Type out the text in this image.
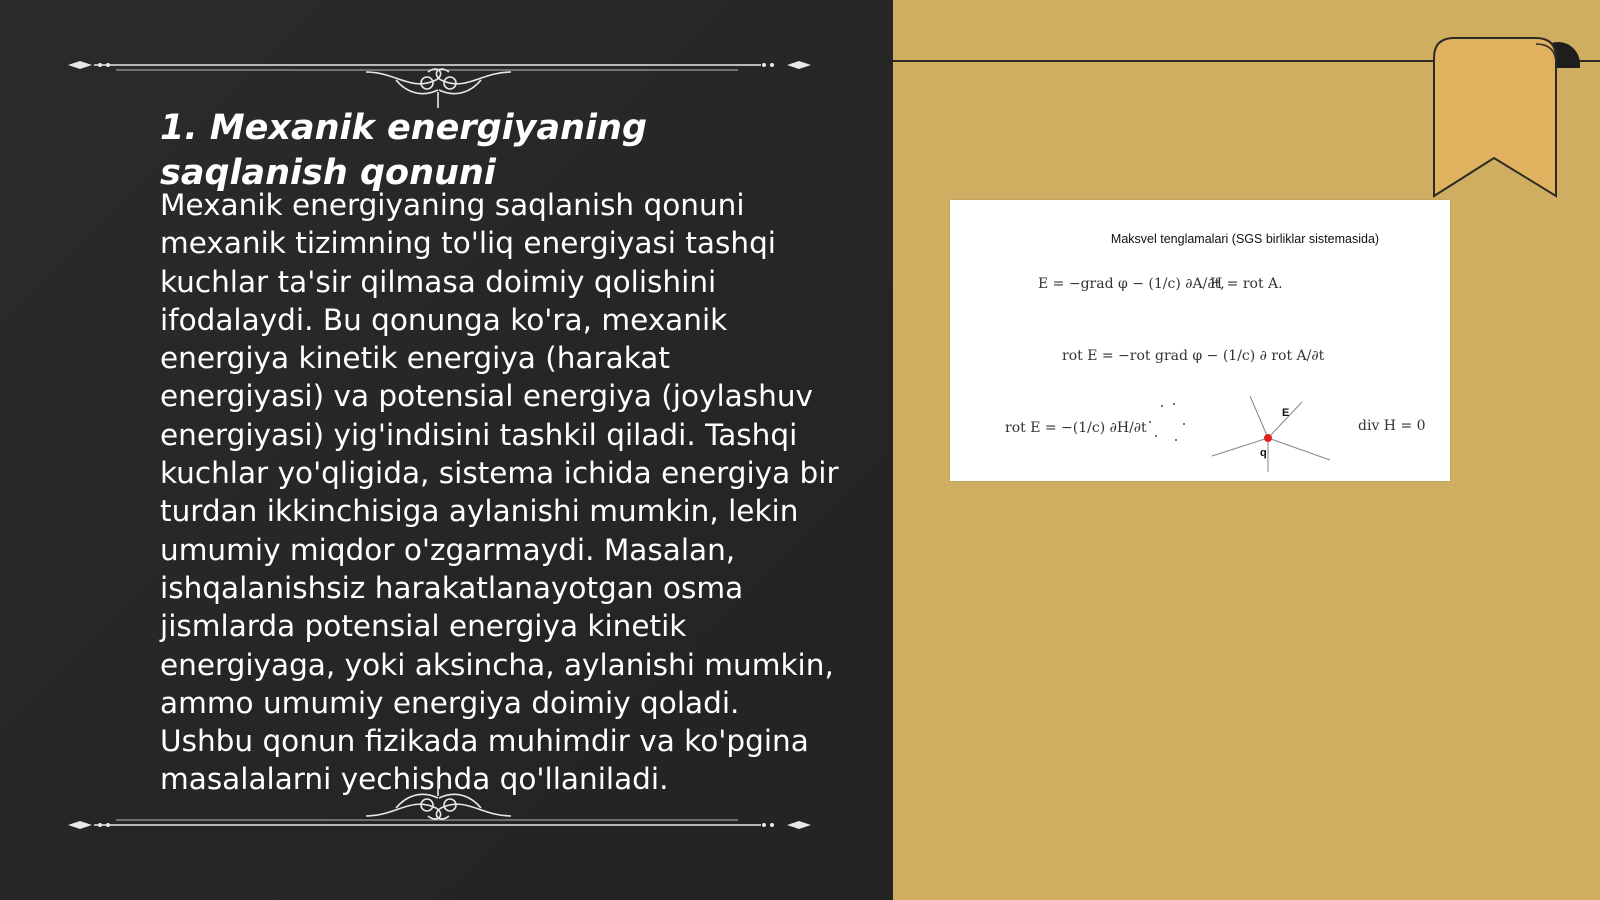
1. Mexanik energiyaning saqlanish qonuni

Mexanik energiyaning saqlanish qonuni mexanik tizimning to'liq energiyasi tashqi kuchlar ta'sir qilmasa doimiy qolishini ifodalaydi. Bu qonunga ko'ra, mexanik energiya kinetik energiya (harakat energiyasi) va potensial energiya (joylashuv energiyasi) yig'indisini tashkil qiladi. Tashqi kuchlar yo'qligida, sistema ichida energiya bir turdan ikkinchisiga aylanishi mumkin, lekin umumiy miqdor o'zgarmaydi. Masalan, ishqalanishsiz harakatlanayotgan osma jismlarda potensial energiya kinetik energiyaga, yoki aksincha, aylanishi mumkin, ammo umumiy energiya doimiy qoladi. Ushbu qonun fizikada muhimdir va ko'pgina masalalarni yechishda qo'llaniladi.

Maksvel tenglamalari (SGS birliklar sistemasida)
E = −grad φ − (1/c) ∂A/∂t,
H = rot A.
rot E = −rot grad φ − (1/c) ∂ rot A/∂t
rot E = −(1/c) ∂H/∂t	div H = 0
E
q
